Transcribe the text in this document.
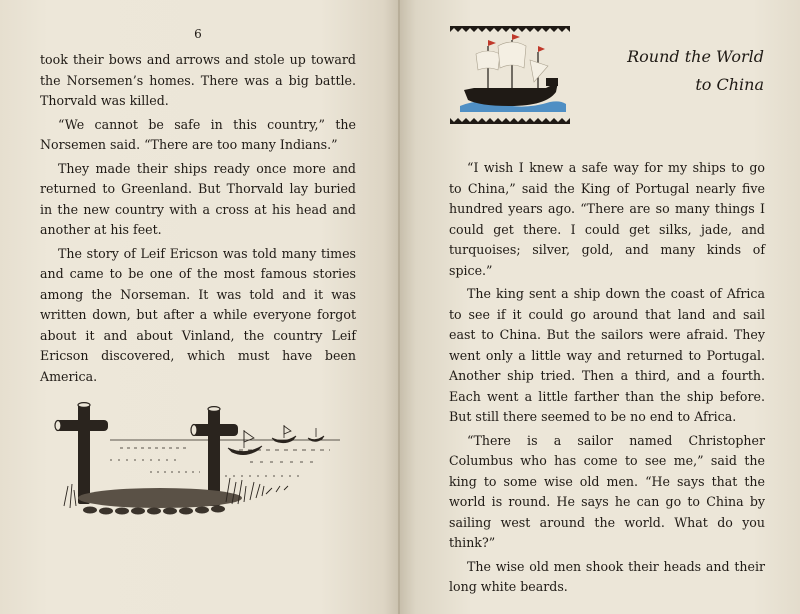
6

took their bows and arrows and stole up toward the Norsemen’s homes. There was a big battle. Thorvald was killed.

“We cannot be safe in this country,” the Norsemen said. “There are too many Indians.”

They made their ships ready once more and returned to Greenland. But Thorvald lay buried in the new country with a cross at his head and another at his feet.

The story of Leif Ericson was told many times and came to be one of the most famous stories among the Norseman. It was told and it was written down, but after a while everyone forgot about it and about Vinland, the country Leif Ericson discovered, which must have been America.

Round the World
to China

“I wish I knew a safe way for my ships to go to China,” said the King of Portugal nearly five hundred years ago. “There are so many things I could get there. I could get silks, jade, and turquoises; silver, gold, and many kinds of spice.”

The king sent a ship down the coast of Africa to see if it could go around that land and sail east to China. But the sailors were afraid. They went only a little way and returned to Portugal. Another ship tried. Then a third, and a fourth. Each went a little farther than the ship before. But still there seemed to be no end to Africa.

“There is a sailor named Christopher Columbus who has come to see me,” said the king to some wise old men. “He says that the world is round. He says he can go to China by sailing west around the world. What do you think?”

The wise old men shook their heads and their long white beards.
